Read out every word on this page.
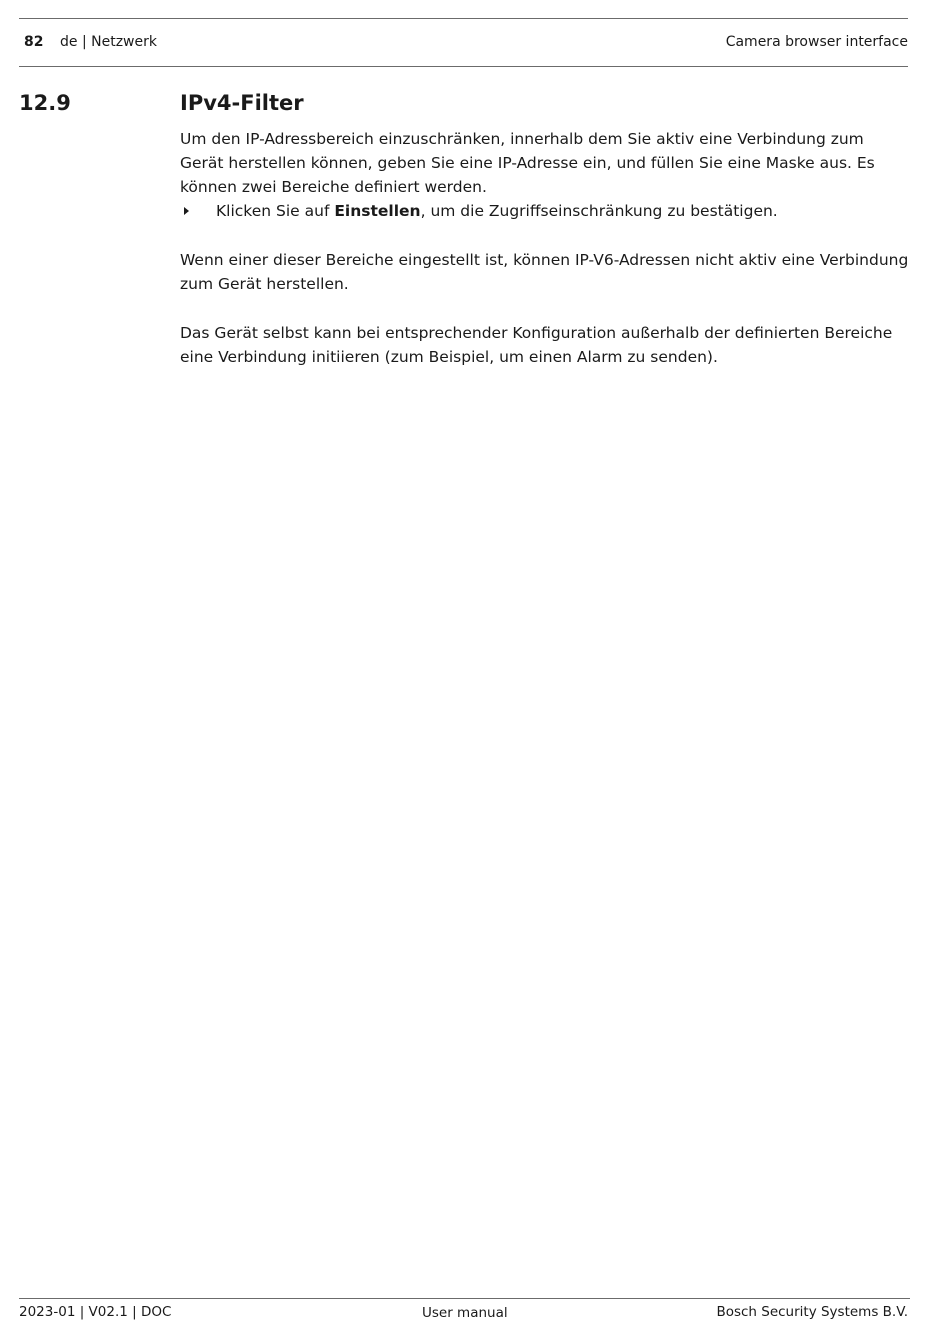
82 de | Netzwerk	Camera browser interface
12.9	IPv4-Filter

Um den IP-Adressbereich einzuschränken, innerhalb dem Sie aktiv eine Verbindung zum Gerät herstellen können, geben Sie eine IP-Adresse ein, und füllen Sie eine Maske aus. Es können zwei Bereiche definiert werden.

Klicken Sie auf Einstellen, um die Zugriffseinschränkung zu bestätigen.

Wenn einer dieser Bereiche eingestellt ist, können IP-V6-Adressen nicht aktiv eine Verbindung zum Gerät herstellen.

Das Gerät selbst kann bei entsprechender Konfiguration außerhalb der definierten Bereiche eine Verbindung initiieren (zum Beispiel, um einen Alarm zu senden).

2023-01 | V02.1 | DOC	User manual	Bosch Security Systems B.V.
